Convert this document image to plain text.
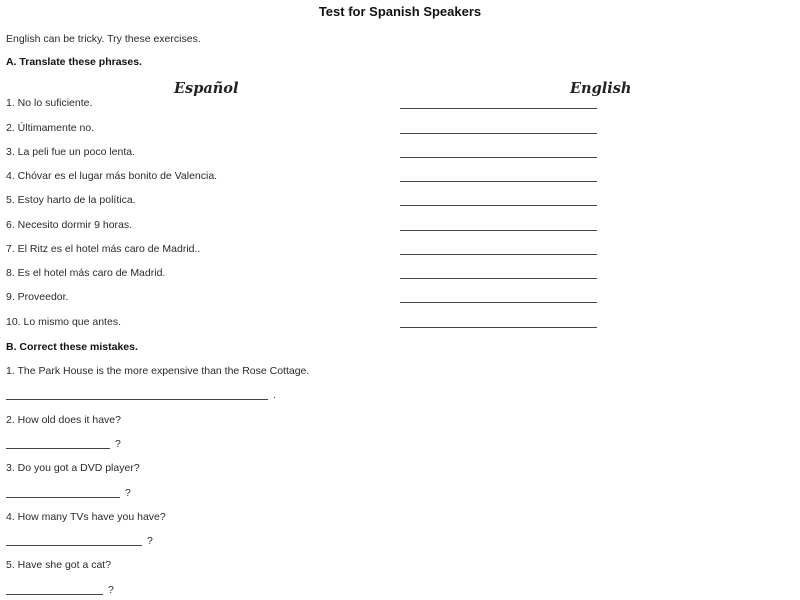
Test for Spanish Speakers
English can be tricky. Try these exercises.
A. Translate these phrases.
Español	English
1. No lo suficiente.
2. Últimamente no.
3. La peli fue un poco lenta.
4. Chóvar es el lugar más bonito de Valencia.
5. Estoy harto de la política.
6. Necesito dormir 9 horas.
7. El Ritz es el hotel más caro de Madrid..
8. Es el hotel más caro de Madrid.
9. Proveedor.
10. Lo mismo que antes.
B. Correct these mistakes.
1. The Park House is the more expensive than the Rose Cottage.
.
2. How old does it have?
?
3. Do you got a DVD player?
?
4. How many TVs have you have?
?
5. Have she got a cat?
?
